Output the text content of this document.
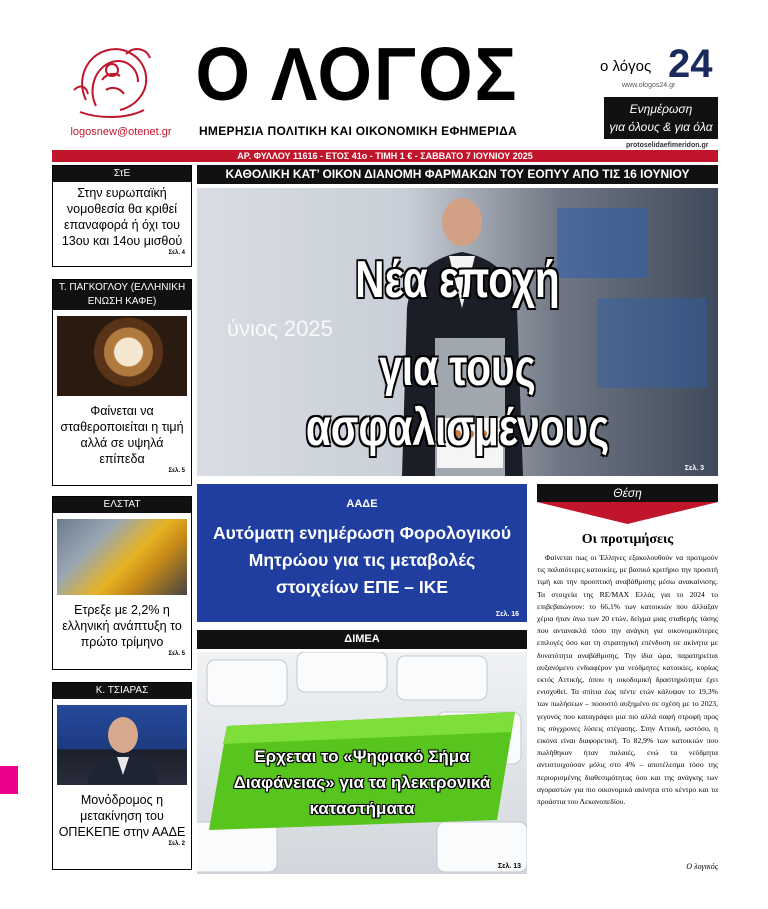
logosnew@otenet.gr
Ο ΛΟΓΟΣ
ΗΜΕΡΗΣΙΑ ΠΟΛΙΤΙΚΗ ΚΑΙ ΟΙΚΟΝΟΜΙΚΗ ΕΦΗΜΕΡΙΔΑ
ο λόγος 24
www.ologos24.gr
Ενημέρωση
για όλους & για όλα
protoselidaefimeridon.gr
ΑΡ. ΦΥΛΛΟΥ 11616 - ΕΤΟΣ 41ο - ΤΙΜΗ 1 € - ΣΑΒΒΑΤΟ 7 ΙΟΥΝΙΟΥ 2025
ΣτΕ
Στην ευρωπαϊκή νομοθεσία θα κριθεί επαναφορά ή όχι του 13ου και 14ου μισθού
Σελ. 4
Τ. ΠΑΓΚΟΓΛΟΥ (ΕΛΛΗΝΙΚΗ ΕΝΩΣΗ ΚΑΦΕ)
Φαίνεται να σταθεροποιείται η τιμή αλλά σε υψηλά επίπεδα
Σελ. 5
ΕΛΣΤΑΤ
Ετρεξε με 2,2% η ελληνική ανάπτυξη το πρώτο τρίμηνο
Σελ. 5
Κ. ΤΣΙΑΡΑΣ
Μονόδρομος η μετακίνηση του ΟΠΕΚΕΠΕ στην ΑΑΔΕ
Σελ. 2
ΚΑΘΟΛΙΚΗ ΚΑΤ’ ΟΙΚΟΝ ΔΙΑΝΟΜΗ ΦΑΡΜΑΚΩΝ ΤΟΥ ΕΟΠΥΥ ΑΠΟ ΤΙΣ 16 ΙΟΥΝΙΟΥ
ύνιος 2025
Νέα εποχή
για τους ασφαλισμένους
Σελ. 3
ΑΑΔΕ
Αυτόματη ενημέρωση Φορολογικού
Μητρώου για τις μεταβολές
στοιχείων ΕΠΕ – ΙΚΕ
Σελ. 16
ΔΙΜΕΑ
Ερχεται το «Ψηφιακό Σήμα
Διαφάνειας» για τα ηλεκτρονικά
καταστήματα
Σελ. 13
Θέση
Οι προτιμήσεις
Φαίνεται πως οι Έλληνες εξακολουθούν να προτιμούν τις παλαιότερες κατοικίες, με βασικό κριτήριο την προσιτή τιμή και την προοπτική αναβάθμισης μέσω ανακαίνισης. Τα στοιχεία της RE/MAX Ελλάς για το 2024 το επιβεβαιώνουν: το 66,1% των κατοικιών που άλλαξαν χέρια ήταν άνω των 20 ετών, δείγμα μιας σταθερής τάσης που αντανακλά τόσο την ανάγκη για οικονομικότερες επιλογές όσο και τη στρατηγική επένδυση σε ακίνητα με δυνατότητα αναβάθμισης. Την ίδια ώρα, παρατηρείται αυξανόμενο ενδιαφέρον για νεόδμητες κατοικίες, κυρίως εκτός Αττικής, όπου η οικοδομική δραστηριότητα έχει ενισχυθεί. Τα σπίτια έως πέντε ετών κάλυψαν το 19,3% των πωλήσεων – ποσοστό αυξημένο σε σχέση με το 2023, γεγονός που καταγράφει μια πιο αλλά σαφή στροφή προς τις σύγχρονες λύσεις στέγασης. Στην Αττική, ωστόσο, η εικόνα είναι διαφορετική. Το 82,9% των κατοικιών που πωλήθηκαν ήταν παλαιές, ενώ τα νεόδμητα αντιστοιχούσαν μόλις στο 4% – αποτέλεσμα τόσο της περιορισμένης διαθεσιμότητας όσο και της ανάγκης των αγοραστών για πιο οικονομικά ακίνητα στο κέντρο και τα προάστια του Λεκανοπεδίου.
Ο λογικός
